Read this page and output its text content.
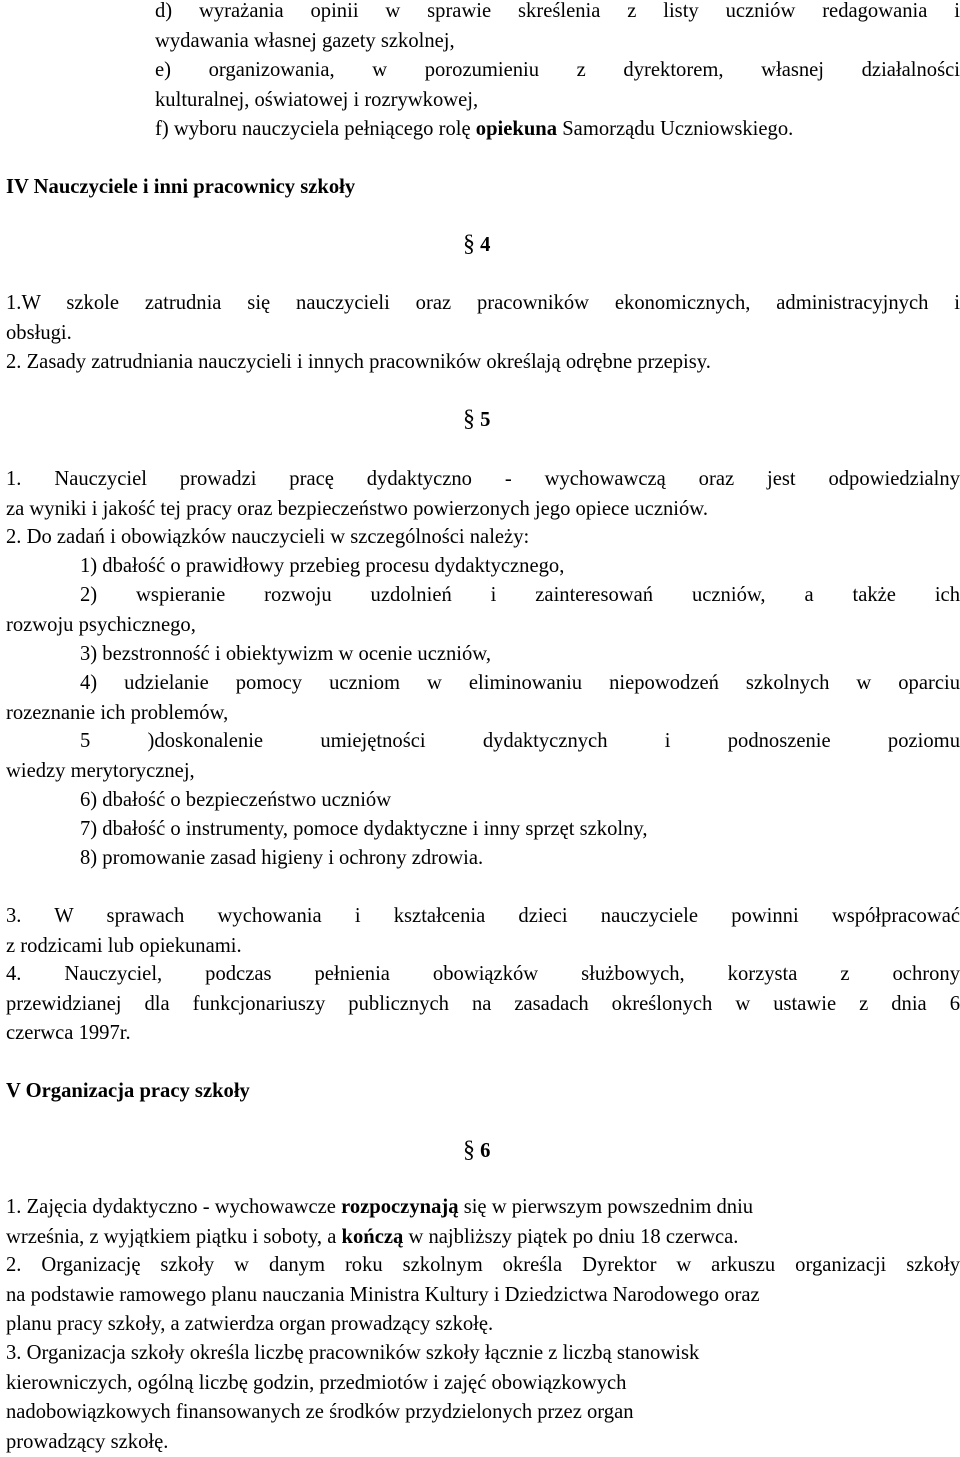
d) wyrażania opinii w sprawie skreślenia z listy uczniów redagowania i
wydawania własnej gazety szkolnej,

e) organizowania, w porozumieniu z dyrektorem, własnej działalności
kulturalnej, oświatowej i rozrywkowej,

f) wyboru nauczyciela pełniącego rolę opiekuna Samorządu Uczniowskiego.

IV Nauczyciele i inni pracownicy szkoły

§ 4

1.W szkole zatrudnia się nauczycieli oraz pracowników ekonomicznych, administracyjnych i
obsługi.

2. Zasady zatrudniania nauczycieli i innych pracowników określają odrębne przepisy.

§ 5

1. Nauczyciel prowadzi pracę dydaktyczno - wychowawczą oraz jest odpowiedzialny
za wyniki i jakość tej pracy oraz bezpieczeństwo powierzonych jego opiece uczniów.

2. Do zadań i obowiązków nauczycieli w szczególności należy:

1) dbałość o prawidłowy przebieg procesu dydaktycznego,

2) wspieranie rozwoju uzdolnień i zainteresowań uczniów, a także ich
rozwoju psychicznego,

3) bezstronność i obiektywizm w ocenie uczniów,

4) udzielanie pomocy uczniom w eliminowaniu niepowodzeń szkolnych w oparciu
rozeznanie ich problemów,

5 )doskonalenie umiejętności dydaktycznych i podnoszenie poziomu
wiedzy merytorycznej,

6) dbałość o bezpieczeństwo uczniów

7) dbałość o instrumenty, pomoce dydaktyczne i inny sprzęt szkolny,

8) promowanie zasad higieny i ochrony zdrowia.

3. W sprawach wychowania i kształcenia dzieci nauczyciele powinni współpracować
z rodzicami lub opiekunami.

4. Nauczyciel, podczas pełnienia obowiązków służbowych, korzysta z ochrony
przewidzianej dla funkcjonariuszy publicznych na zasadach określonych w ustawie z dnia 6
czerwca 1997r.

V Organizacja pracy szkoły

§ 6

1. Zajęcia dydaktyczno - wychowawcze rozpoczynają się w pierwszym powszednim dniu
września, z wyjątkiem piątku i soboty, a kończą w najbliższy piątek po dniu 18 czerwca.

2. Organizację szkoły w danym roku szkolnym określa Dyrektor w arkuszu organizacji szkoły
na podstawie ramowego planu nauczania Ministra Kultury i Dziedzictwa Narodowego oraz
planu pracy szkoły, a zatwierdza organ prowadzący szkołę.

3. Organizacja szkoły określa liczbę pracowników szkoły łącznie z liczbą stanowisk
kierowniczych, ogólną liczbę godzin, przedmiotów i zajęć obowiązkowych
nadobowiązkowych finansowanych ze środków przydzielonych przez organ
prowadzący szkołę.
